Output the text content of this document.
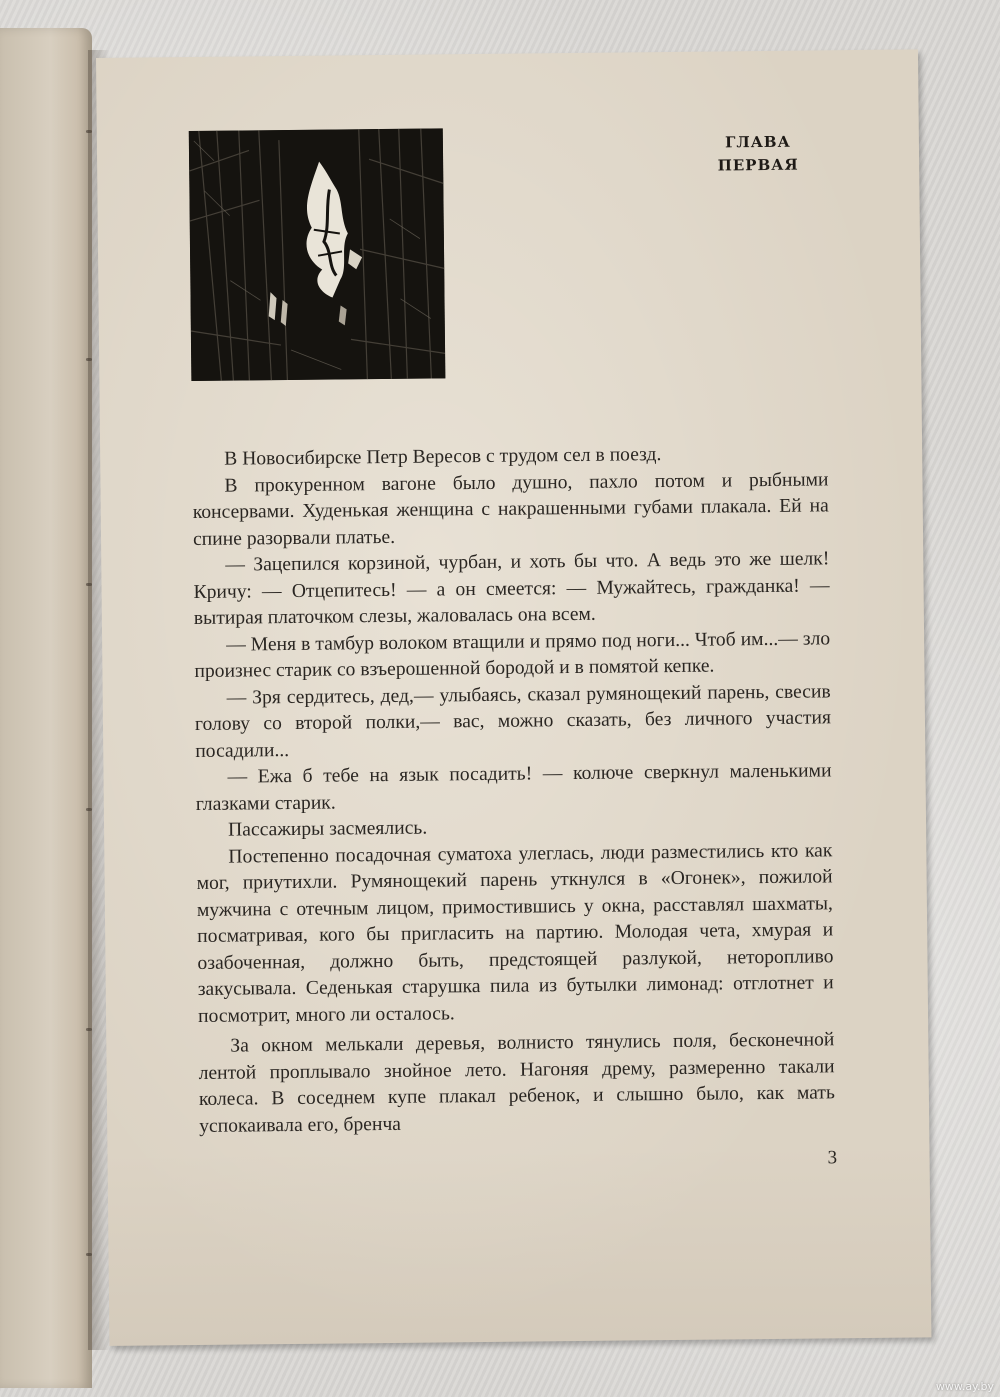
ГЛАВА
ПЕРВАЯ

В Новосибирске Петр Вересов с трудом сел в поезд.

В прокуренном вагоне было душно, пахло потом и рыбными консервами. Худенькая женщина с накрашенными губами плакала. Ей на спине разорвали платье.

— Зацепился корзиной, чурбан, и хоть бы что. А ведь это же шелк! Кричу: — Отцепитесь! — а он смеется: — Мужайтесь, гражданка! — вытирая платочком слезы, жаловалась она всем.

— Меня в тамбур волоком втащили и прямо под ноги... Чтоб им...— зло произнес старик со взъерошенной бородой и в помятой кепке.

— Зря сердитесь, дед,— улыбаясь, сказал румянощекий парень, свесив голову со второй полки,— вас, можно сказать, без личного участия посадили...

— Ежа б тебе на язык посадить! — колюче сверкнул маленькими глазками старик.

Пассажиры засмеялись.

Постепенно посадочная суматоха улеглась, люди разместились кто как мог, приутихли. Румянощекий парень уткнулся в «Огонек», пожилой мужчина с отечным лицом, примостившись у окна, расставлял шахматы, посматривая, кого бы пригласить на партию. Молодая чета, хмурая и озабоченная, должно быть, предстоящей разлукой, неторопливо закусывала. Седенькая старушка пила из бутылки лимонад: отглотнет и посмотрит, много ли осталось.

За окном мелькали деревья, волнисто тянулись поля, бесконечной лентой проплывало знойное лето. Нагоняя дрему, размеренно такали колеса. В соседнем купе плакал ребенок, и слышно было, как мать успокаивала его, бренча

3
www.ay.by
